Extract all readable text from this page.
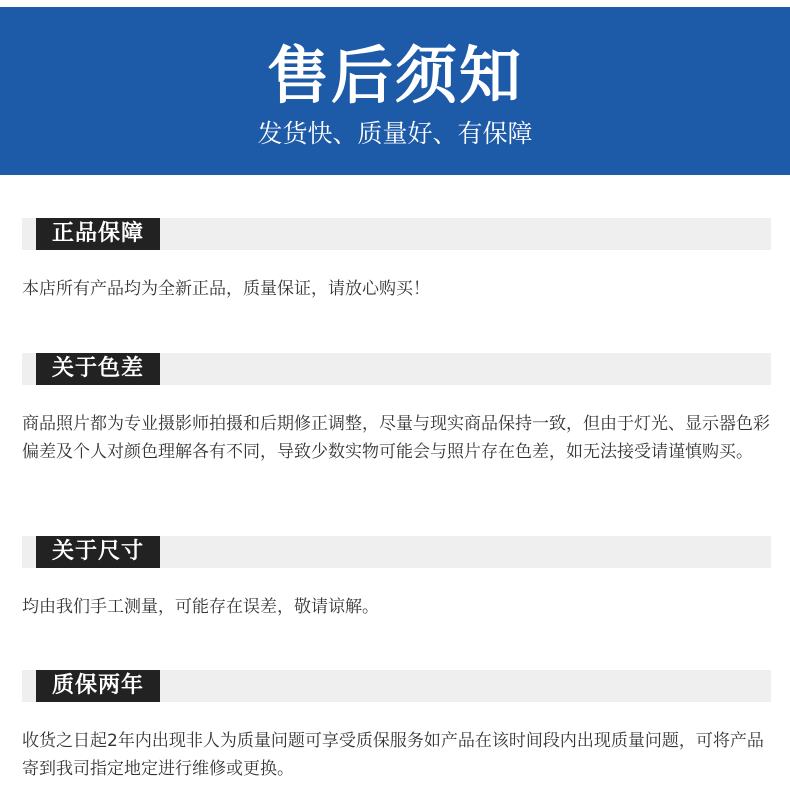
售后须知
发货快、质量好、有保障
正品保障
本店所有产品均为全新正品，质量保证，请放心购买！
关于色差
商品照片都为专业摄影师拍摄和后期修正调整，尽量与现实商品保持一致，但由于灯光、显示器色彩偏差及个人对颜色理解各有不同，导致少数实物可能会与照片存在色差，如无法接受请谨慎购买。
关于尺寸
均由我们手工测量，可能存在误差，敬请谅解。
质保两年
收货之日起2年内出现非人为质量问题可享受质保服务如产品在该时间段内出现质量问题，可将产品寄到我司指定地定进行维修或更换。
